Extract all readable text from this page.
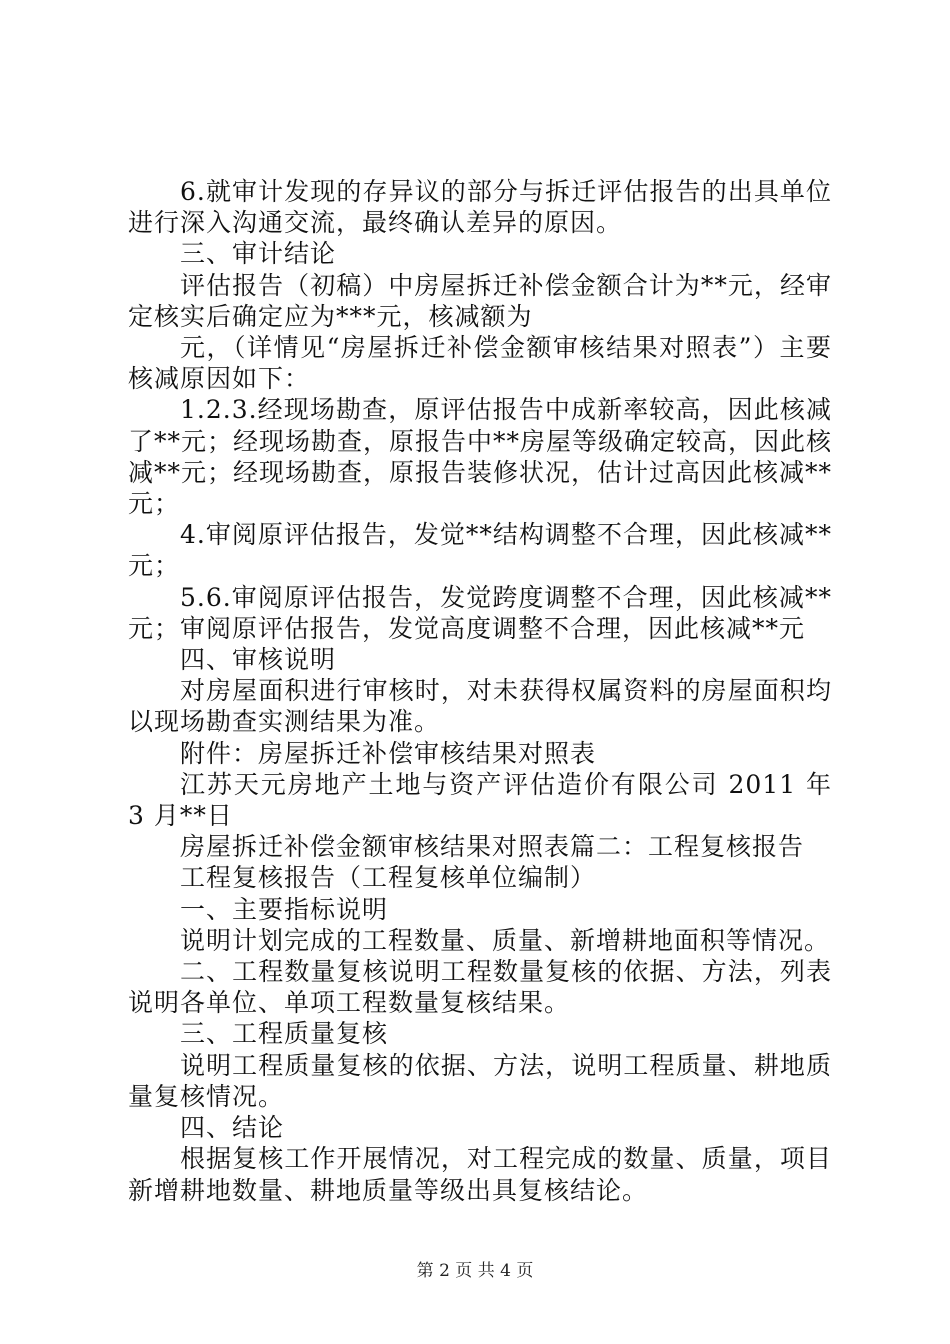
6.就审计发现的存异议的部分与拆迁评估报告的出具单位进行深入沟通交流，最终确认差异的原因。

三、审计结论

评估报告（初稿）中房屋拆迁补偿金额合计为**元，经审定核实后确定应为***元，核减额为

元，（详情见“房屋拆迁补偿金额审核结果对照表”）主要核减原因如下：

1.2.3.经现场勘查，原评估报告中成新率较高，因此核减了**元；经现场勘查，原报告中**房屋等级确定较高，因此核减**元；经现场勘查，原报告装修状况，估计过高因此核减**元；

4.审阅原评估报告，发觉**结构调整不合理，因此核减**元；

5.6.审阅原评估报告，发觉跨度调整不合理，因此核减**元；审阅原评估报告，发觉高度调整不合理，因此核减**元

四、审核说明

对房屋面积进行审核时，对未获得权属资料的房屋面积均以现场勘查实测结果为准。

附件：房屋拆迁补偿审核结果对照表

江苏天元房地产土地与资产评估造价有限公司 2011 年 3 月**日

房屋拆迁补偿金额审核结果对照表篇二：工程复核报告

工程复核报告（工程复核单位编制）

一、主要指标说明

说明计划完成的工程数量、质量、新增耕地面积等情况。

二、工程数量复核说明工程数量复核的依据、方法，列表说明各单位、单项工程数量复核结果。

三、工程质量复核

说明工程质量复核的依据、方法，说明工程质量、耕地质量复核情况。

四、结论

根据复核工作开展情况，对工程完成的数量、质量，项目新增耕地数量、耕地质量等级出具复核结论。

第 2 页 共 4 页
